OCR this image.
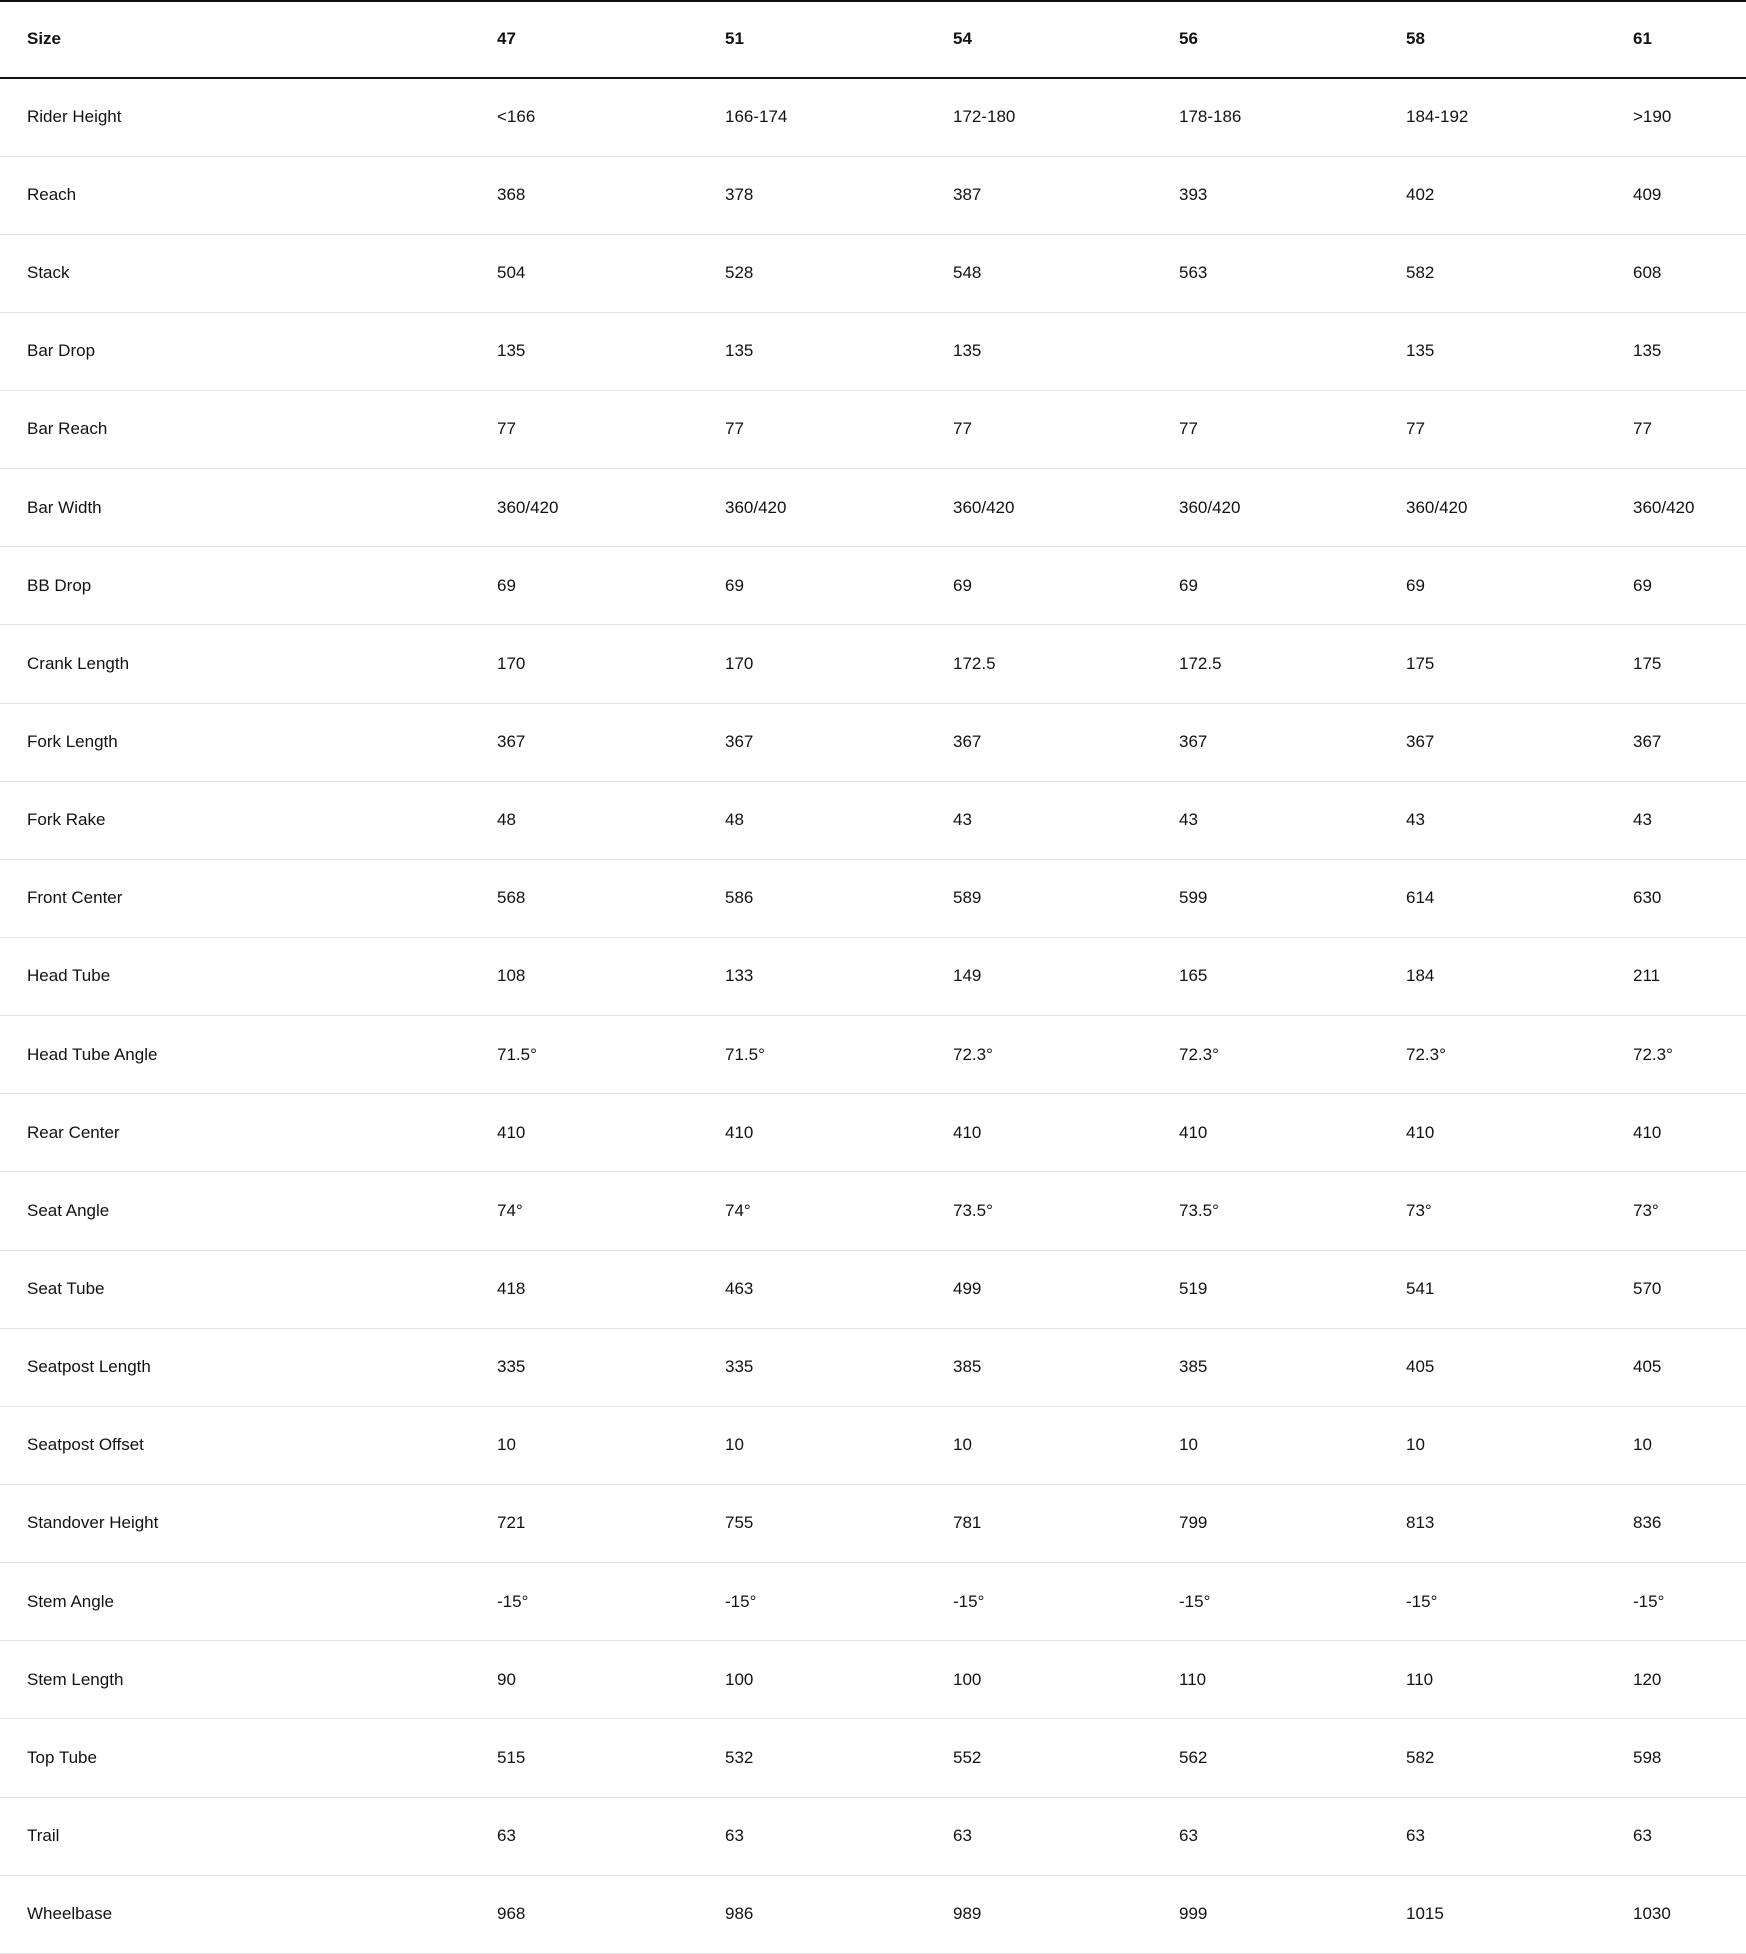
Size	47	51	54	56	58	61
Rider Height	<166	166-174	172-180	178-186	184-192	>190
Reach	368	378	387	393	402	409
Stack	504	528	548	563	582	608
Bar Drop	135	135	135		135	135
Bar Reach	77	77	77	77	77	77
Bar Width	360/420	360/420	360/420	360/420	360/420	360/420
BB Drop	69	69	69	69	69	69
Crank Length	170	170	172.5	172.5	175	175
Fork Length	367	367	367	367	367	367
Fork Rake	48	48	43	43	43	43
Front Center	568	586	589	599	614	630
Head Tube	108	133	149	165	184	211
Head Tube Angle	71.5°	71.5°	72.3°	72.3°	72.3°	72.3°
Rear Center	410	410	410	410	410	410
Seat Angle	74°	74°	73.5°	73.5°	73°	73°
Seat Tube	418	463	499	519	541	570
Seatpost Length	335	335	385	385	405	405
Seatpost Offset	10	10	10	10	10	10
Standover Height	721	755	781	799	813	836
Stem Angle	-15°	-15°	-15°	-15°	-15°	-15°
Stem Length	90	100	100	110	110	120
Top Tube	515	532	552	562	582	598
Trail	63	63	63	63	63	63
Wheelbase	968	986	989	999	1015	1030
